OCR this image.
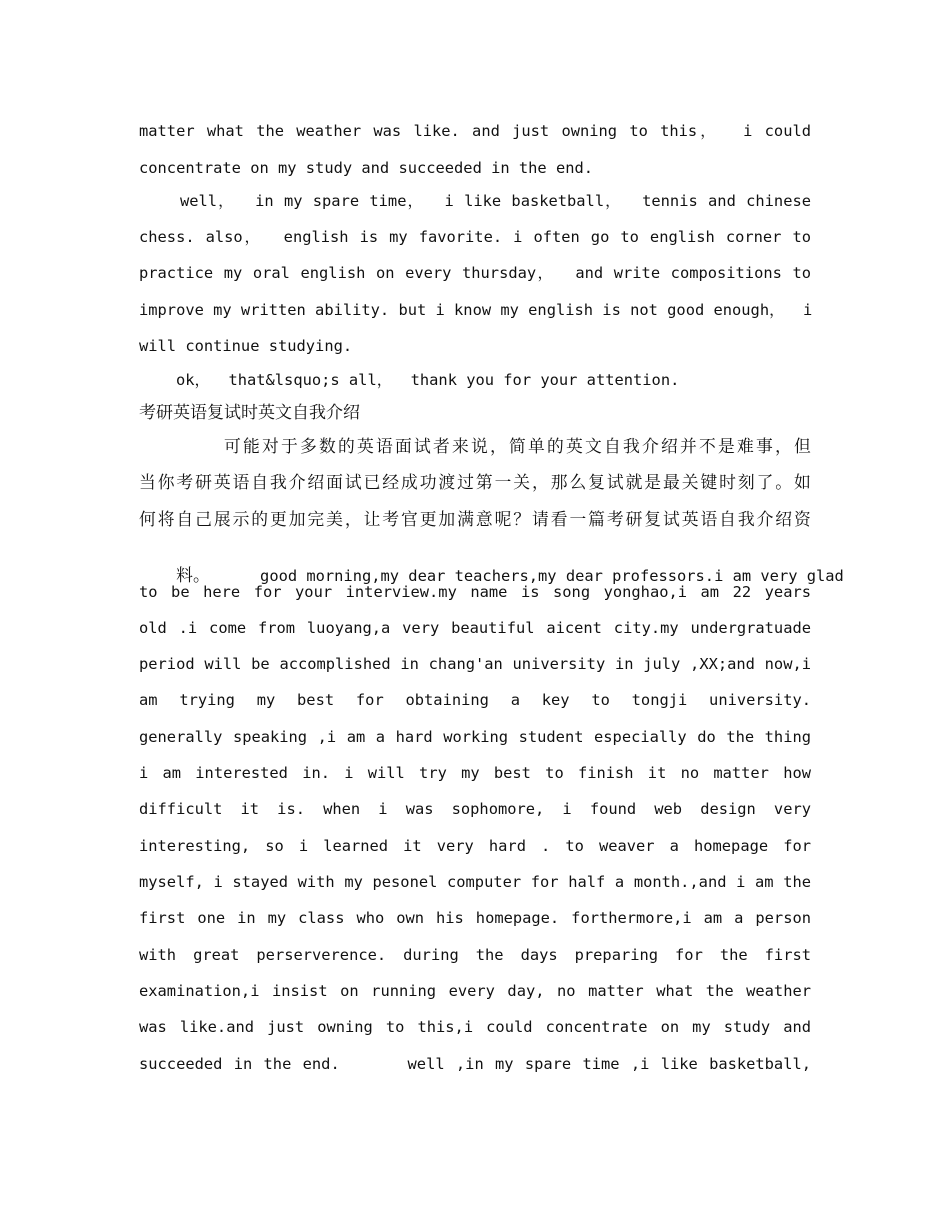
matter what the weather was like. and just owning to this，  i could
concentrate on my study and succeeded in the end.
well，  in my spare time，  i like basketball，  tennis and chinese
chess. also，  english is my favorite. i often go to english corner to
practice my oral english on every thursday，  and write compositions to
improve my written ability. but i know my english is not good enough，  i
will continue studying.
ok，  that&lsquo;s all，  thank you for your attention.
考研英语复试时英文自我介绍
可能对于多数的英语面试者来说，简单的英文自我介绍并不是难事，但
当你考研英语自我介绍面试已经成功渡过第一关，那么复试就是最关键时刻了。如
何将自己展示的更加完美，让考官更加满意呢？请看一篇考研复试英语自我介绍资

料。	good morning,my dear teachers,my dear professors.i am very glad

to be here for your interview.my name is song yonghao,i am 22 years
old .i come from luoyang,a very beautiful aicent city.my undergratuade
period will be accomplished in chang'an university in july ,XX;and now,i
am trying my best for obtaining a key to tongji university.
generally speaking ,i am a hard working student especially do the thing
i am interested in. i will try my best to finish it no matter how
difficult it is. when i was sophomore, i found web design very
interesting, so i learned it very hard . to weaver a homepage for
myself, i stayed with my pesonel computer for half a month.,and i am the
first one in my class who own his homepage. forthermore,i am a person
with great perserverence. during the days preparing for the first
examination,i insist on running every day, no matter what the weather
was like.and just owning to this,i could concentrate on my study and
succeeded in the end.      well ,in my spare time ,i like basketball,
